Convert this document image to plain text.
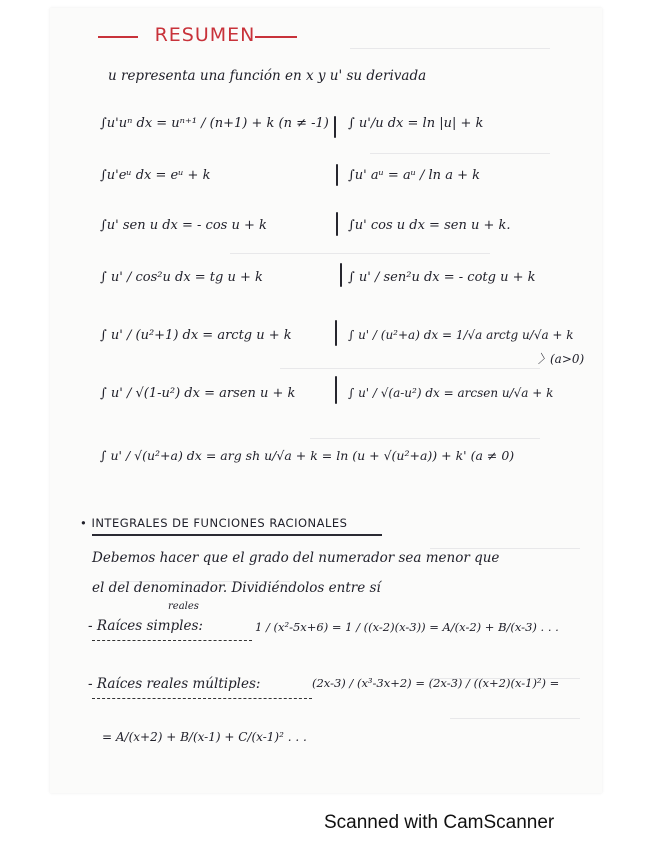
RESUMEN
u representa una función en x y u' su derivada
∫u'uⁿ dx = uⁿ⁺¹ / (n+1) + k (n ≠ -1)
∫u'eᵘ dx = eᵘ + k
∫u' sen u dx = - cos u + k
∫ u' / cos²u dx = tg u + k
∫ u' / (u²+1) dx = arctg u + k
∫ u' / √(1-u²) dx = arsen u + k
∫ u'/u dx = ln |u| + k
∫u' aᵘ = aᵘ / ln a + k
∫u' cos u dx = sen u + k.
∫ u' / sen²u dx = - cotg u + k
∫ u' / (u²+a) dx = 1/√a arctg u/√a + k
〉(a>0)
∫ u' / √(a-u²) dx = arcsen u/√a + k
∫ u' / √(u²+a) dx = arg sh u/√a + k = ln (u + √(u²+a)) + k' (a ≠ 0)
• INTEGRALES DE FUNCIONES RACIONALES
Debemos hacer que el grado del numerador sea menor que
el del denominador. Dividiéndolos entre sí
reales
- Raíces simples:	1 / (x²-5x+6) = 1 / ((x-2)(x-3)) = A/(x-2) + B/(x-3) . . .
- Raíces reales múltiples:	(2x-3) / (x³-3x+2) = (2x-3) / ((x+2)(x-1)²) =
= A/(x+2) + B/(x-1) + C/(x-1)² . . .
Scanned with CamScanner
